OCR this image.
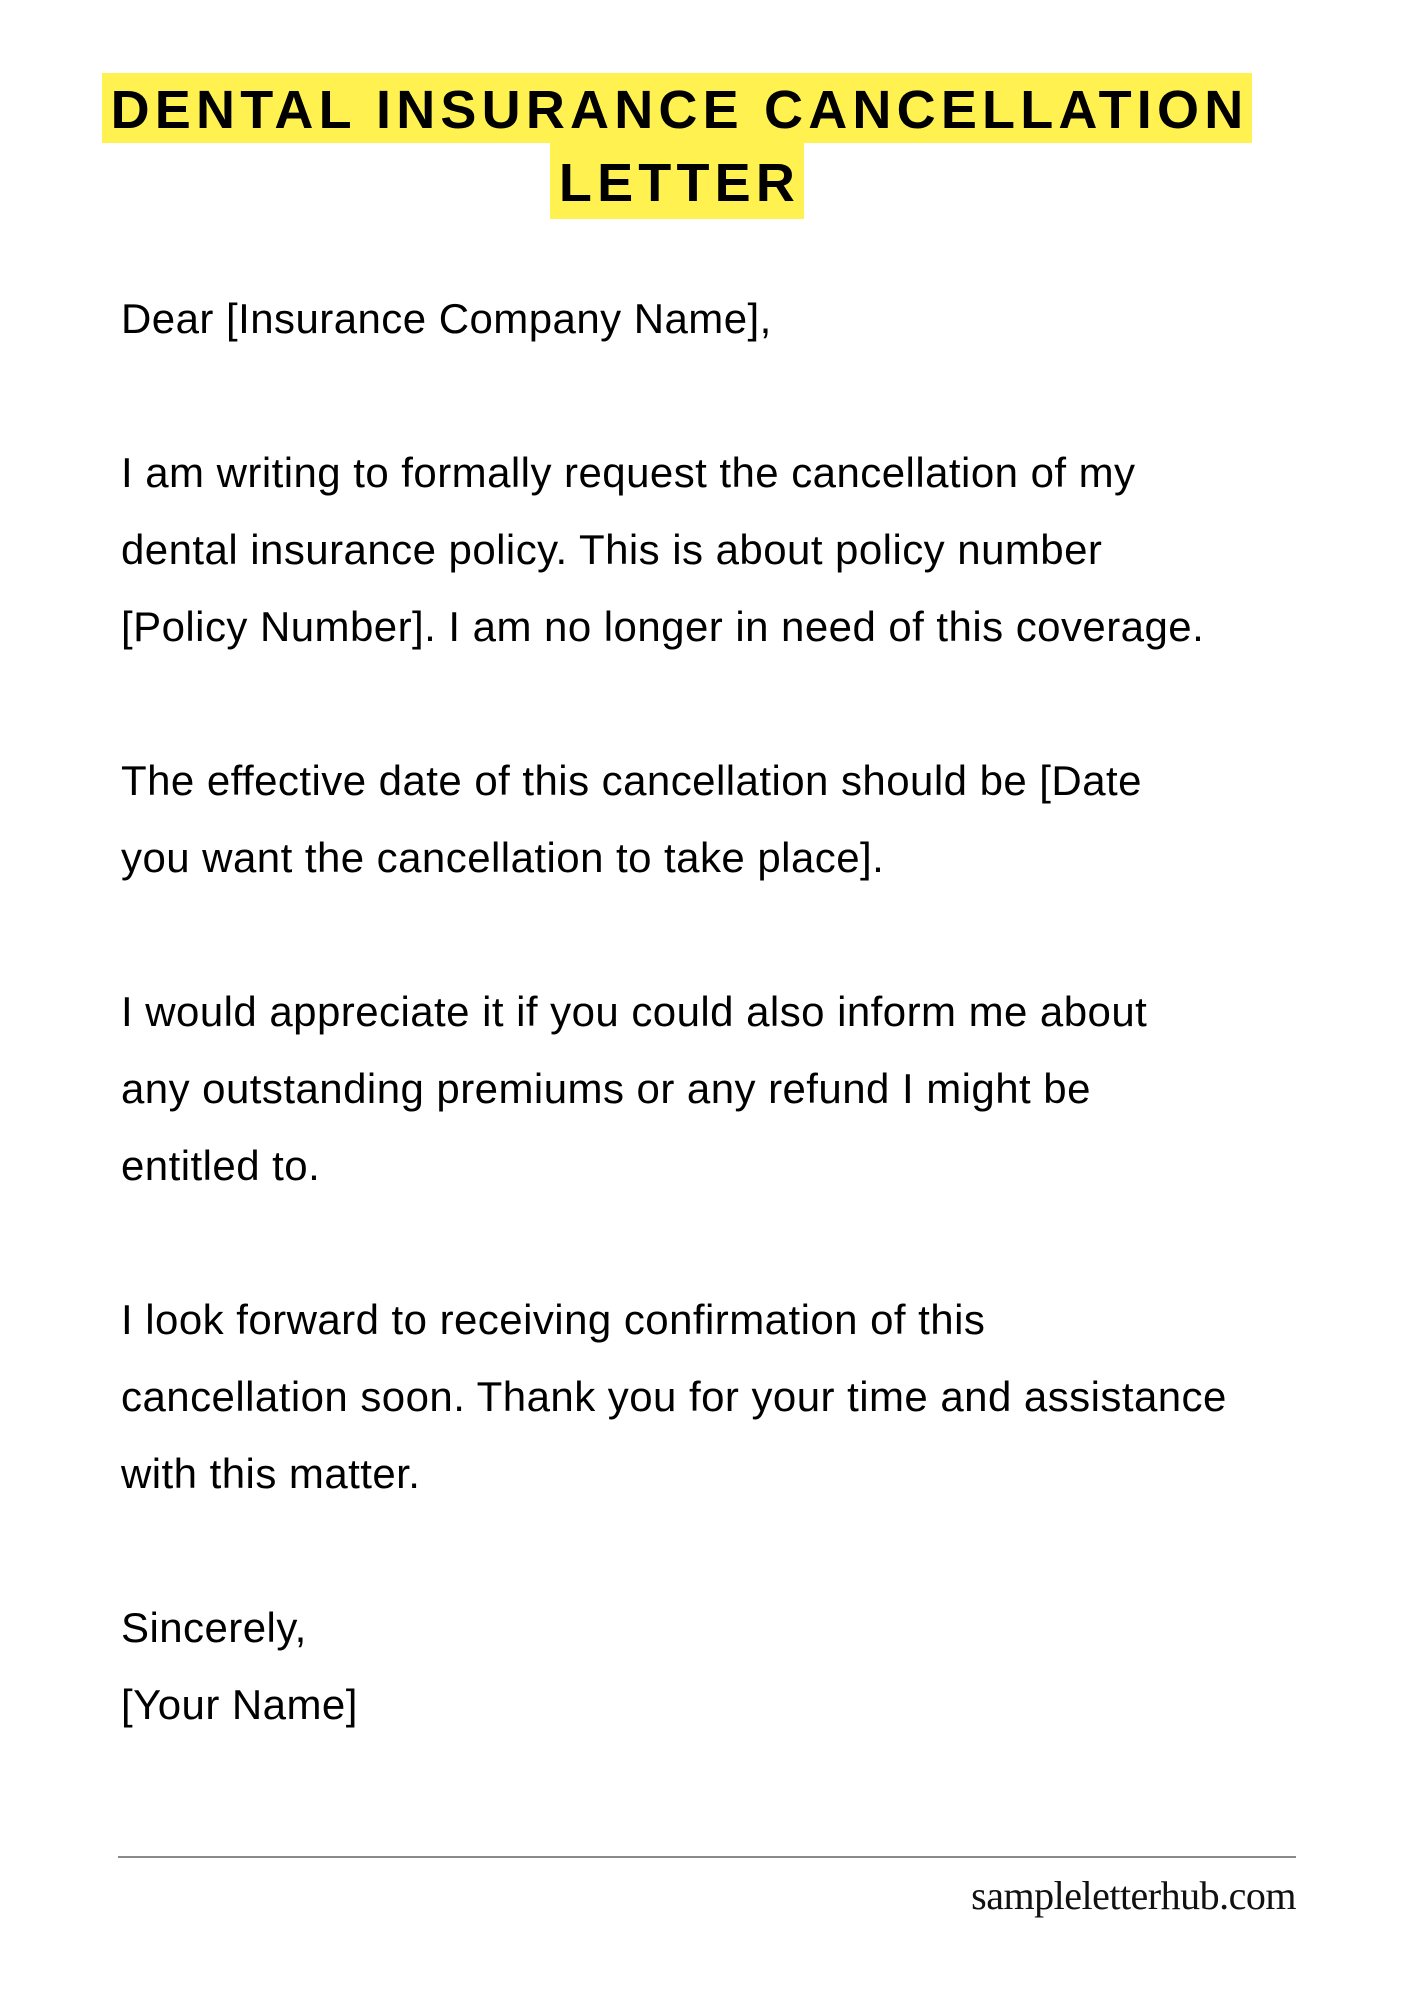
DENTAL INSURANCE CANCELLATION
LETTER
Dear [Insurance Company Name],
I am writing to formally request the cancellation of my
dental insurance policy. This is about policy number
[Policy Number]. I am no longer in need of this coverage.
The effective date of this cancellation should be [Date
you want the cancellation to take place].
I would appreciate it if you could also inform me about
any outstanding premiums or any refund I might be
entitled to.
I look forward to receiving confirmation of this
cancellation soon. Thank you for your time and assistance
with this matter.
Sincerely,
[Your Name]
sampleletterhub.com
